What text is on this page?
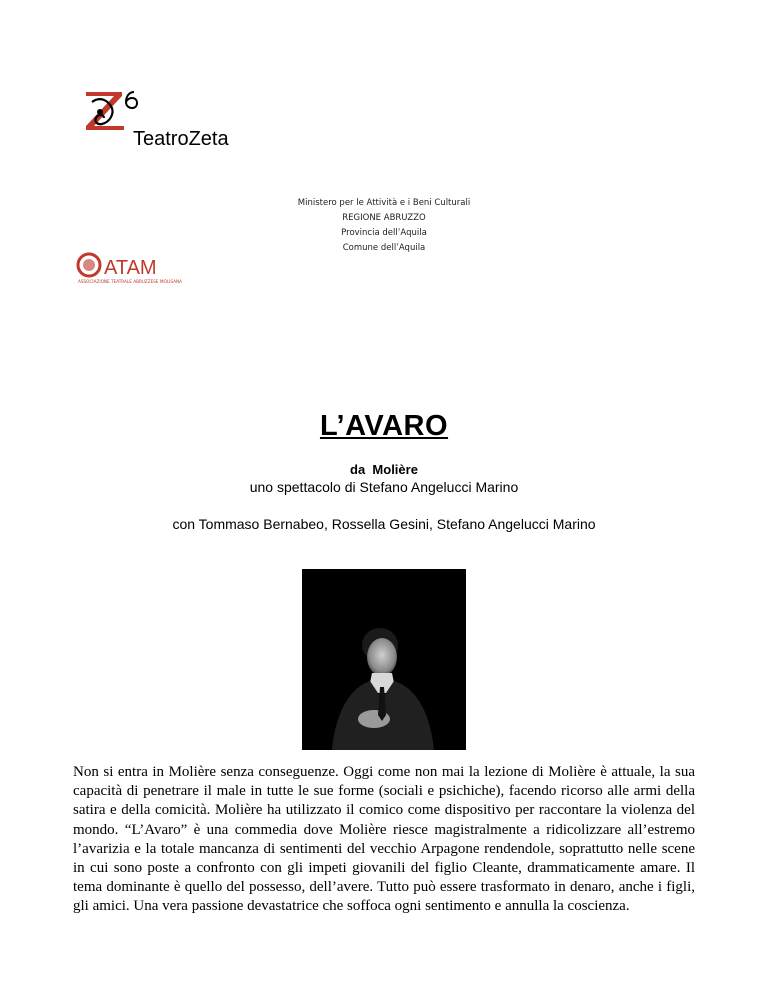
TeatroZeta
Ministero per le Attività e i Beni Culturali
REGIONE ABRUZZO
Provincia dell’Aquila
Comune dell’Aquila
ATAM
ASSOCIAZIONE TEATRALE ABRUZZESE MOLISANA
L’AVARO
da  Molière
uno spettacolo di Stefano Angelucci Marino
con Tommaso Bernabeo, Rossella Gesini, Stefano Angelucci Marino
Non si entra in Molière senza conseguenze. Oggi come non mai la lezione di Molière è attuale, la sua capacità di penetrare il male in tutte le sue forme (sociali e psichiche), facendo ricorso alle armi della satira e della comicità. Molière ha utilizzato il comico come dispositivo per raccontare la violenza del mondo. “L’Avaro” è una commedia dove Molière riesce magistralmente a ridicolizzare all’estremo l’avarizia e la totale mancanza di sentimenti del vecchio Arpagone rendendole, soprattutto nelle scene in cui sono poste a confronto con gli impeti giovanili del figlio Cleante, drammaticamente amare. Il tema dominante è quello del possesso, dell’avere. Tutto può essere trasformato in denaro, anche i figli, gli amici. Una vera passione devastatrice che soffoca ogni sentimento e annulla la coscienza.
